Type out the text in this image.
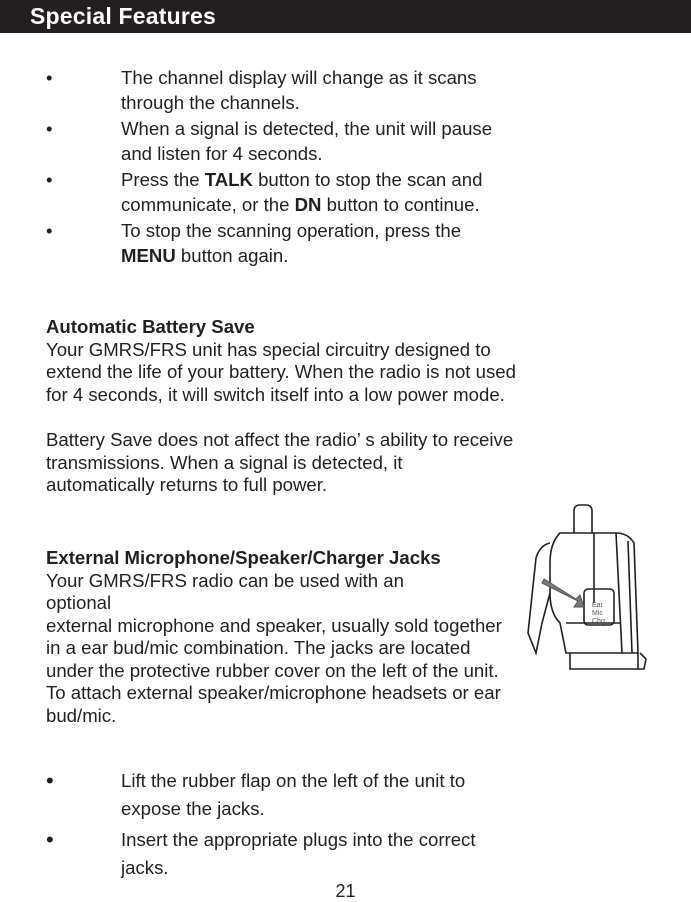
Special Features
•	The channel display will change as it scans through the channels.
•	When a signal is detected, the unit will pause and listen for 4 seconds.
•	Press the TALK button to stop the scan and communicate, or the DN button to continue.
•	To stop the scanning operation, press the MENU button again.
Automatic Battery Save
Your GMRS/FRS unit has special circuitry designed to extend the life of your battery. When the radio is not used for 4 seconds, it will switch itself into a low power mode.
Battery Save does not affect the radio’ s ability to receive transmissions. When a signal is detected, it automatically returns to full power.
External Microphone/Speaker/Charger Jacks
Your GMRS/FRS radio can be used with an
optional
external microphone and speaker, usually sold together in a ear bud/mic combination. The jacks are located under the protective rubber cover on the left of the unit.
To attach external speaker/microphone headsets or ear bud/mic.
•	Lift the rubber flap on the left of the unit to expose the jacks.
•	Insert the appropriate plugs into the correct jacks.
Ear
Mic
Chg
21
